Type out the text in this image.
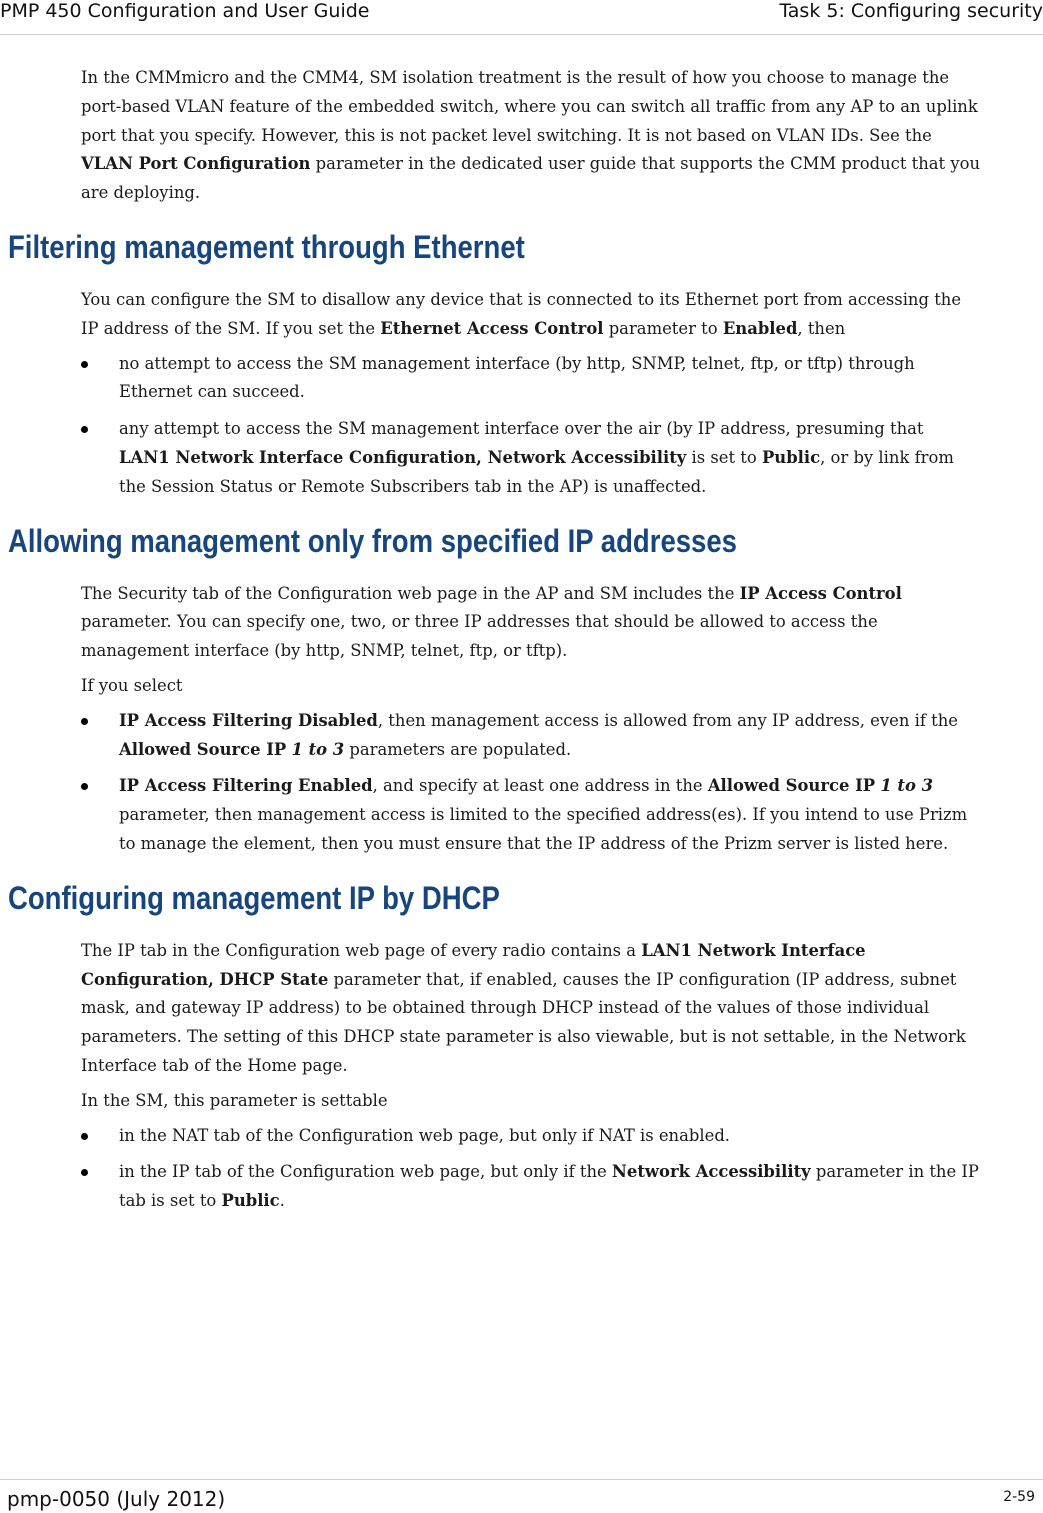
PMP 450 Configuration and User Guide	Task 5: Configuring security

In the CMMmicro and the CMM4, SM isolation treatment is the result of how you choose to manage the port-based VLAN feature of the embedded switch, where you can switch all traffic from any AP to an uplink port that you specify. However, this is not packet level switching. It is not based on VLAN IDs. See the VLAN Port Configuration parameter in the dedicated user guide that supports the CMM product that you are deploying.

Filtering management through Ethernet

You can configure the SM to disallow any device that is connected to its Ethernet port from accessing the IP address of the SM. If you set the Ethernet Access Control parameter to Enabled, then

no attempt to access the SM management interface (by http, SNMP, telnet, ftp, or tftp) through Ethernet can succeed.
any attempt to access the SM management interface over the air (by IP address, presuming that LAN1 Network Interface Configuration, Network Accessibility is set to Public, or by link from the Session Status or Remote Subscribers tab in the AP) is unaffected.
Allowing management only from specified IP addresses

The Security tab of the Configuration web page in the AP and SM includes the IP Access Control parameter. You can specify one, two, or three IP addresses that should be allowed to access the management interface (by http, SNMP, telnet, ftp, or tftp).

If you select

IP Access Filtering Disabled, then management access is allowed from any IP address, even if the Allowed Source IP 1 to 3 parameters are populated.
IP Access Filtering Enabled, and specify at least one address in the Allowed Source IP 1 to 3 parameter, then management access is limited to the specified address(es). If you intend to use Prizm to manage the element, then you must ensure that the IP address of the Prizm server is listed here.
Configuring management IP by DHCP

The IP tab in the Configuration web page of every radio contains a LAN1 Network Interface Configuration, DHCP State parameter that, if enabled, causes the IP configuration (IP address, subnet mask, and gateway IP address) to be obtained through DHCP instead of the values of those individual parameters. The setting of this DHCP state parameter is also viewable, but is not settable, in the Network Interface tab of the Home page.

In the SM, this parameter is settable

in the NAT tab of the Configuration web page, but only if NAT is enabled.
in the IP tab of the Configuration web page, but only if the Network Accessibility parameter in the IP tab is set to Public.
pmp-0050 (July 2012)	2-59
